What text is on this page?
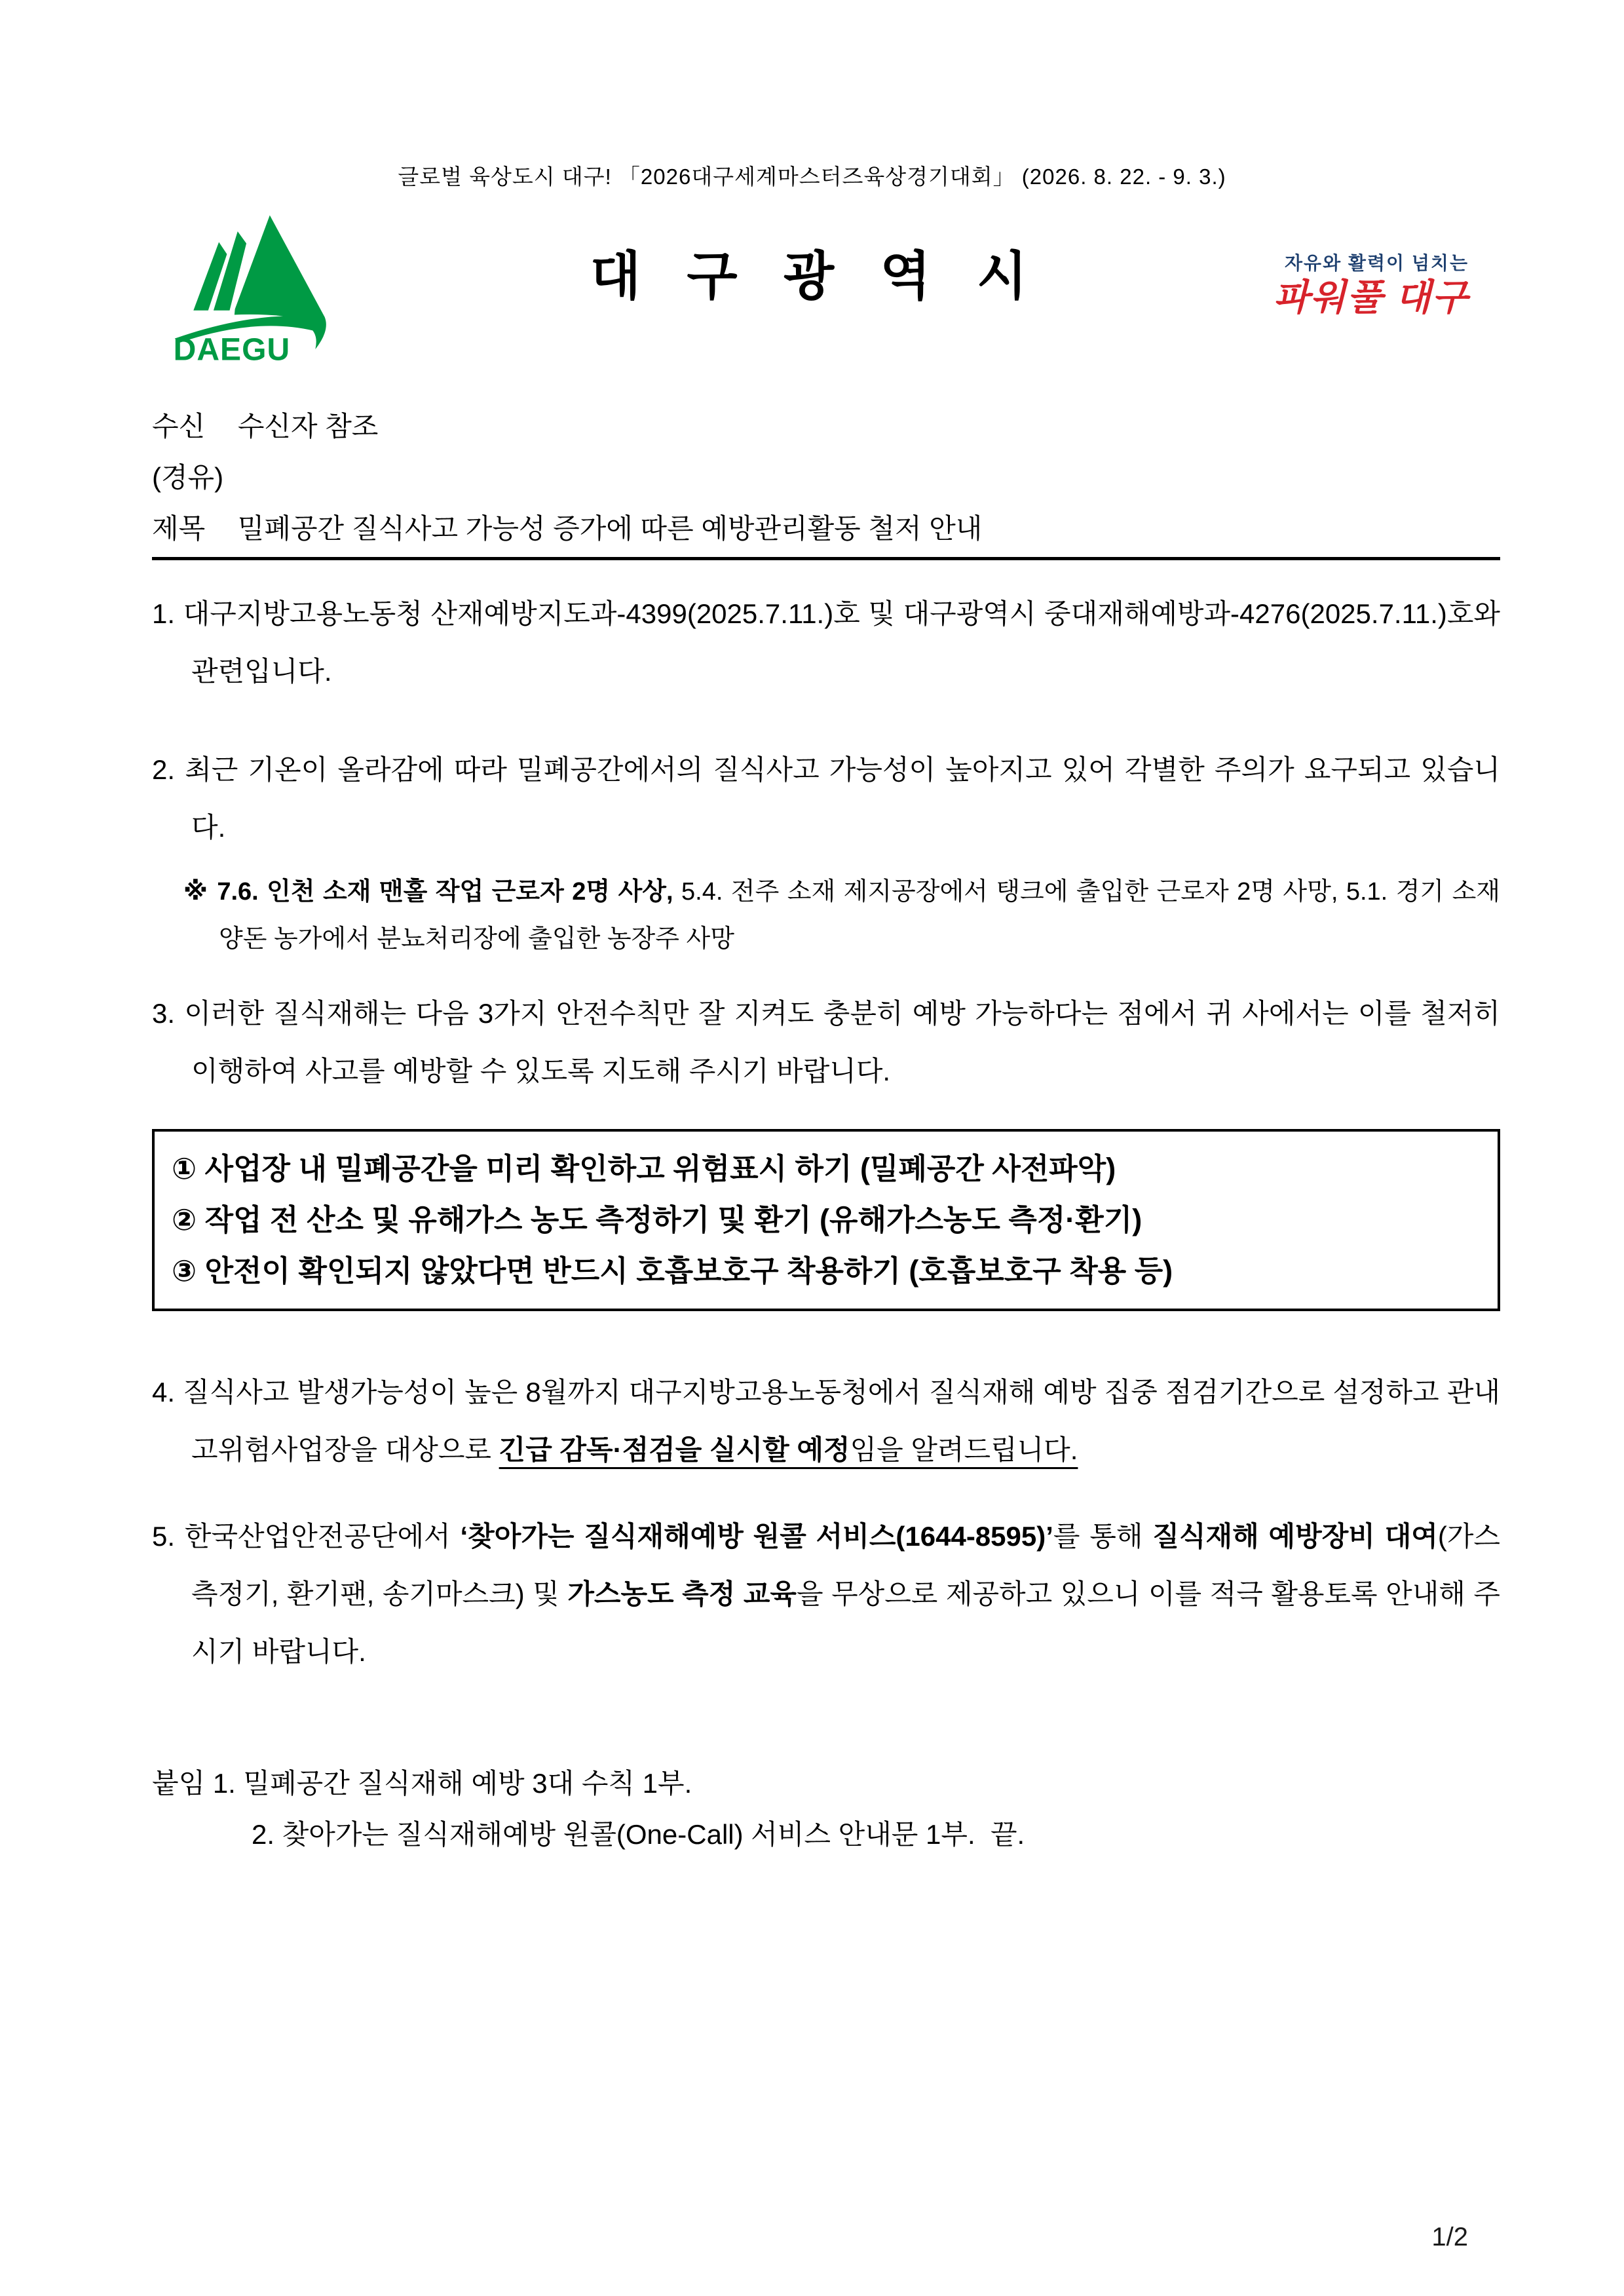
글로벌 육상도시 대구! 「2026대구세계마스터즈육상경기대회」 (2026. 8. 22. - 9. 3.)
DAEGU
대 구 광 역 시	자유와 활력이 넘치는
파워풀 대구
수신 수신자 참조
(경유)
제목 밀폐공간 질식사고 가능성 증가에 따른 예방관리활동 철저 안내

1. 대구지방고용노동청 산재예방지도과-4399(2025.7.11.)호 및 대구광역시 중대재해예방과-4276(2025.7.11.)호와 관련입니다.

2. 최근 기온이 올라감에 따라 밀폐공간에서의 질식사고 가능성이 높아지고 있어 각별한 주의가 요구되고 있습니다.

※ 7.6. 인천 소재 맨홀 작업 근로자 2명 사상, 5.4. 전주 소재 제지공장에서 탱크에 출입한 근로자 2명 사망, 5.1. 경기 소재 양돈 농가에서 분뇨처리장에 출입한 농장주 사망

3. 이러한 질식재해는 다음 3가지 안전수칙만 잘 지켜도 충분히 예방 가능하다는 점에서 귀 사에서는 이를 철저히 이행하여 사고를 예방할 수 있도록 지도해 주시기 바랍니다.

① 사업장 내 밀폐공간을 미리 확인하고 위험표시 하기 (밀폐공간 사전파악)
② 작업 전 산소 및 유해가스 농도 측정하기 및 환기 (유해가스농도 측정·환기)
③ 안전이 확인되지 않았다면 반드시 호흡보호구 착용하기 (호흡보호구 착용 등)

4. 질식사고 발생가능성이 높은 8월까지 대구지방고용노동청에서 질식재해 예방 집중 점검기간으로 설정하고 관내 고위험사업장을 대상으로 긴급 감독·점검을 실시할 예정임을 알려드립니다.

5. 한국산업안전공단에서 ‘찾아가는 질식재해예방 원콜 서비스(1644-8595)’를 통해 질식재해 예방장비 대여(가스측정기, 환기팬, 송기마스크) 및 가스농도 측정 교육을 무상으로 제공하고 있으니 이를 적극 활용토록 안내해 주시기 바랍니다.

붙임 1. 밀폐공간 질식재해 예방 3대 수칙 1부.
2. 찾아가는 질식재해예방 원콜(One-Call) 서비스 안내문 1부.  끝.
1/2
